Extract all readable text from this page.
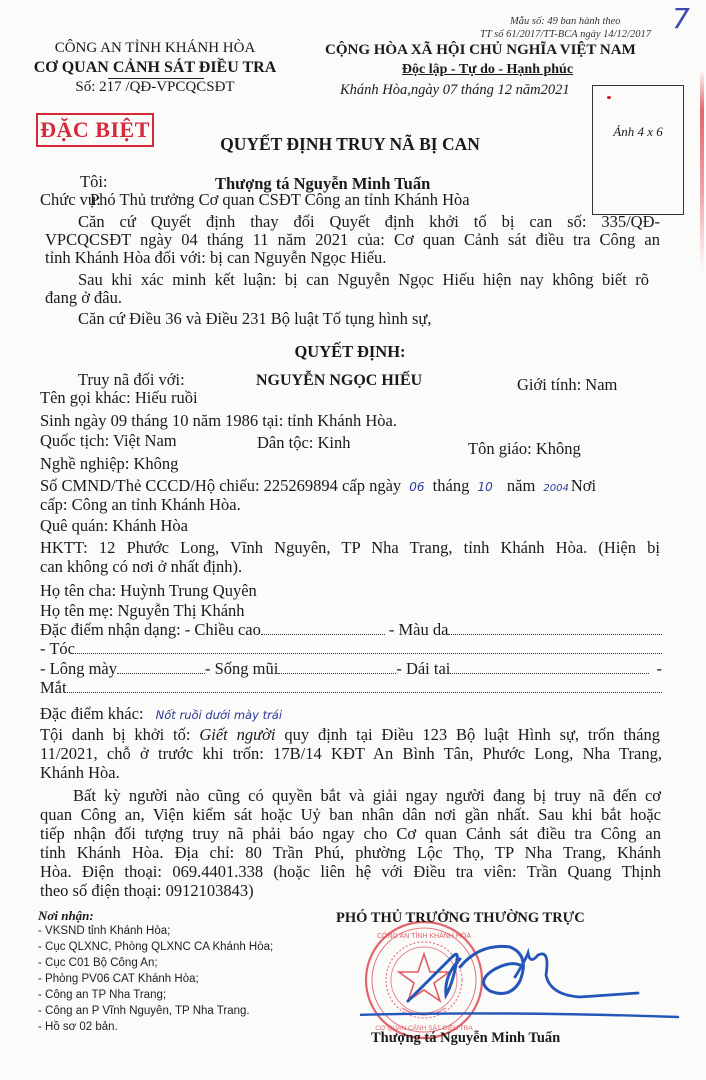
7
CÔNG AN TỈNH KHÁNH HÒA
CƠ QUAN CẢNH SÁT ĐIỀU TRA
Số: 217 /QĐ-VPCQCSĐT
Mẫu số: 49 ban hành theo
TT số 61/2017/TT-BCA ngày 14/12/2017
CỘNG HÒA XÃ HỘI CHỦ NGHĨA VIỆT NAM
Độc lập - Tự do - Hạnh phúc
Khánh Hòa,ngày 07 tháng 12 năm2021
Ảnh 4 x 6
ĐẶC BIỆT
QUYẾT ĐỊNH TRUY NÃ BỊ CAN
Tôi:	Thượng tá Nguyễn Minh Tuấn
Chức vụ:
Phó Thủ trưởng Cơ quan CSĐT Công an tỉnh Khánh Hòa
Căn cứ Quyết định thay đổi Quyết định khởi tố bị can số: 335/QĐ-
VPCQCSĐT ngày 04 tháng 11 năm 2021 của: Cơ quan Cảnh sát điều tra Công an
tỉnh Khánh Hòa đối với: bị can Nguyễn Ngọc Hiếu.
Sau khi xác minh kết luận: bị can Nguyễn Ngọc Hiếu hiện nay không biết rõ
đang ở đâu.
Căn cứ Điều 36 và Điều 231 Bộ luật Tố tụng hình sự,
QUYẾT ĐỊNH:
Truy nã đối với:	NGUYỄN NGỌC HIẾU	Giới tính: Nam
Tên gọi khác: Hiếu ruồi
Sinh ngày 09 tháng 10 năm 1986 tại: tỉnh Khánh Hòa.
Quốc tịch: Việt Nam	Dân tộc: Kinh	Tôn giáo: Không
Nghề nghiệp: Không
Số CMND/Thẻ CCCD/Hộ chiếu: 225269894 cấp ngày 06 tháng 10 năm 2004 Nơi
cấp: Công an tỉnh Khánh Hòa.
Quê quán: Khánh Hòa
HKTT: 12 Phước Long, Vĩnh Nguyên, TP Nha Trang, tỉnh Khánh Hòa. (Hiện bị
can không có nơi ở nhất định).
Họ tên cha: Huỳnh Trung Quyên
Họ tên mẹ: Nguyễn Thị Khánh
Đặc điểm nhận dạng: - Chiều cao	- Màu da
- Tóc
- Lông mày	- Sống mũi	- Dái tai	-
Mắt
Đặc điểm khác: Nốt ruồi dưới mày trái
Tội danh bị khởi tố: Giết người quy định tại Điều 123 Bộ luật Hình sự, trốn tháng
11/2021, chỗ ở trước khi trốn: 17B/14 KĐT An Bình Tân, Phước Long, Nha Trang,
Khánh Hòa.
Bất kỳ người nào cũng có quyền bắt và giải ngay người đang bị truy nã đến cơ
quan Công an, Viện kiểm sát hoặc Uỷ ban nhân dân nơi gần nhất. Sau khi bắt hoặc
tiếp nhận đối tượng truy nã phải báo ngay cho Cơ quan Cảnh sát điều tra Công an
tỉnh Khánh Hòa. Địa chỉ: 80 Trần Phú, phường Lộc Thọ, TP Nha Trang, Khánh
Hòa. Điện thoại: 069.4401.338 (hoặc liên hệ với Điều tra viên: Trần Quang Thịnh
theo số điện thoại: 0912103843)
Nơi nhận:
- VKSND tỉnh Khánh Hòa;
- Cục QLXNC, Phòng QLXNC CA Khánh Hòa;
- Cục C01 Bộ Công An;
- Phòng PV06 CAT Khánh Hòa;
- Công an TP Nha Trang;
- Công an P Vĩnh Nguyên, TP Nha Trang.
- Hồ sơ 02 bản.
CÔNG AN TỈNH KHÁNH HÒA
CƠ QUAN CẢNH SÁT ĐIỀU TRA
PHÓ THỦ TRƯỞNG THƯỜNG TRỰC
Thượng tá Nguyễn Minh Tuấn
